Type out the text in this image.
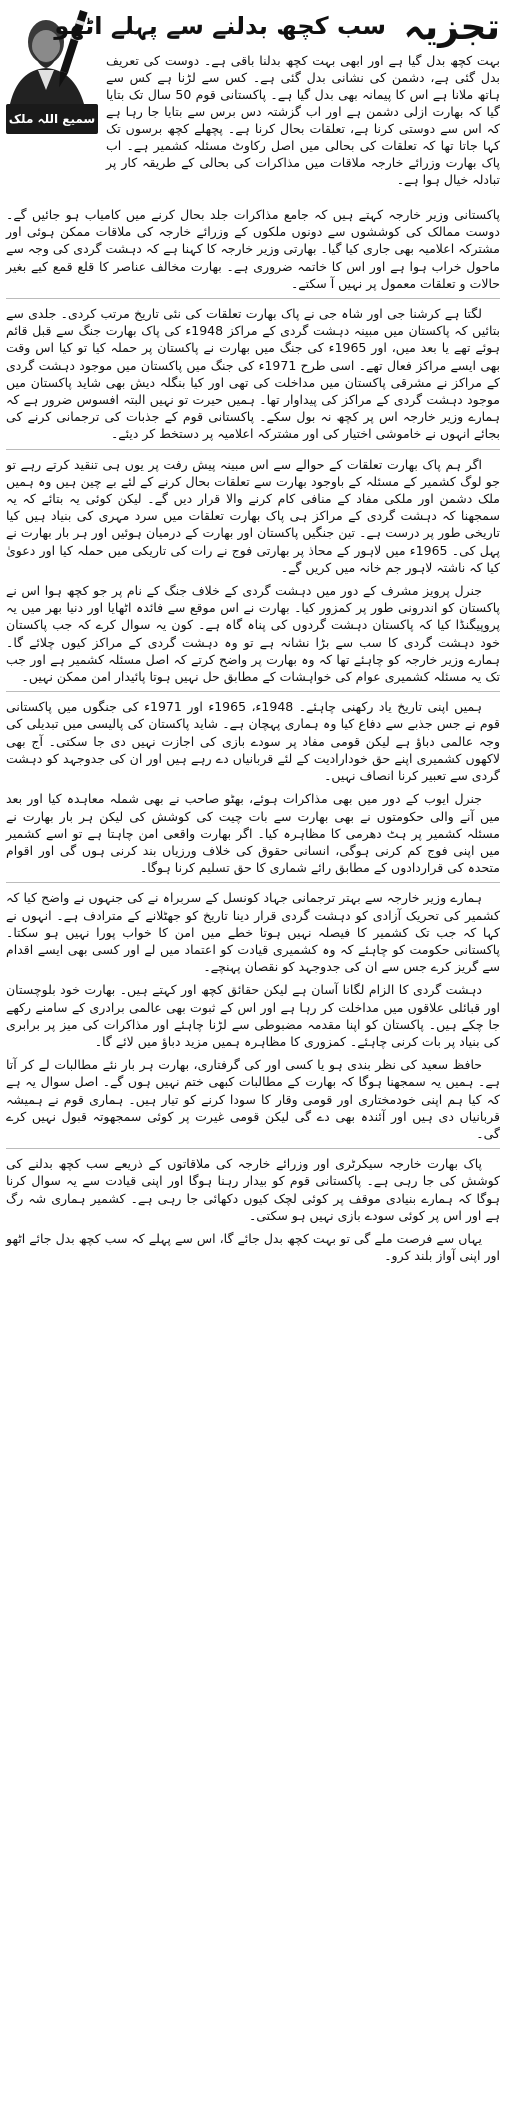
سمیع اللہ ملک
تجزیہ
سب کچھ بدلنے سے پہلے اٹھو
بہت کچھ بدل گیا ہے اور ابھی بہت کچھ بدلنا باقی ہے۔ دوست کی تعریف بدل گئی ہے، دشمن کی نشانی بدل گئی ہے۔ کس سے لڑنا ہے کس سے ہاتھ ملانا ہے اس کا پیمانہ بھی بدل گیا ہے۔ پاکستانی قوم 50 سال تک بتایا گیا کہ بھارت ازلی دشمن ہے اور اب گزشتہ دس برس سے بتایا جا رہا ہے کہ اس سے دوستی کرنا ہے، تعلقات بحال کرنا ہے۔ پچھلے کچھ برسوں تک کہا جاتا تھا کہ تعلقات کی بحالی میں اصل رکاوٹ مسئلہ کشمیر ہے۔ اب پاک بھارت وزرائے خارجہ ملاقات میں مذاکرات کی بحالی کے طریقہ کار پر تبادلہ خیال ہوا ہے۔

پاکستانی وزیر خارجہ کہتے ہیں کہ جامع مذاکرات جلد بحال کرنے میں کامیاب ہو جائیں گے۔ دوست ممالک کی کوششوں سے دونوں ملکوں کے وزرائے خارجہ کی ملاقات ممکن ہوئی اور مشترکہ اعلامیہ بھی جاری کیا گیا۔ بھارتی وزیر خارجہ کا کہنا ہے کہ دہشت گردی کی وجہ سے ماحول خراب ہوا ہے اور اس کا خاتمہ ضروری ہے۔ بھارت مخالف عناصر کا قلع قمع کیے بغیر حالات و تعلقات معمول پر نہیں آ سکتے۔

لگتا ہے کرشنا جی اور شاہ جی نے پاک بھارت تعلقات کی نئی تاریخ مرتب کردی۔ جلدی سے بتائیں کہ پاکستان میں مبینہ دہشت گردی کے مراکز 1948ء کی پاک بھارت جنگ سے قبل قائم ہوئے تھے یا بعد میں، اور 1965ء کی جنگ میں بھارت نے پاکستان پر حملہ کیا تو کیا اس وقت بھی ایسے مراکز فعال تھے۔ اسی طرح 1971ء کی جنگ میں پاکستان میں موجود دہشت گردی کے مراکز نے مشرقی پاکستان میں مداخلت کی تھی اور کیا بنگلہ دیش بھی شاید پاکستان میں موجود دہشت گردی کے مراکز کی پیداوار تھا۔ ہمیں حیرت تو نہیں البتہ افسوس ضرور ہے کہ ہمارے وزیر خارجہ اس پر کچھ نہ بول سکے۔ پاکستانی قوم کے جذبات کی ترجمانی کرنے کی بجائے انہوں نے خاموشی اختیار کی اور مشترکہ اعلامیہ پر دستخط کر دیئے۔

اگر ہم پاک بھارت تعلقات کے حوالے سے اس مبینہ پیش رفت پر یوں ہی تنقید کرتے رہے تو جو لوگ کشمیر کے مسئلہ کے باوجود بھارت سے تعلقات بحال کرنے کے لئے بے چین ہیں وہ ہمیں ملک دشمن اور ملکی مفاد کے منافی کام کرنے والا قرار دیں گے۔ لیکن کوئی یہ بتائے کہ یہ سمجھنا کہ دہشت گردی کے مراکز ہی پاک بھارت تعلقات میں سرد مہری کی بنیاد ہیں کیا تاریخی طور پر درست ہے۔ تین جنگیں پاکستان اور بھارت کے درمیان ہوئیں اور ہر بار بھارت نے پہل کی۔ 1965ء میں لاہور کے محاذ پر بھارتی فوج نے رات کی تاریکی میں حملہ کیا اور دعویٰ کیا کہ ناشتہ لاہور جم خانہ میں کریں گے۔

جنرل پرویز مشرف کے دور میں دہشت گردی کے خلاف جنگ کے نام پر جو کچھ ہوا اس نے پاکستان کو اندرونی طور پر کمزور کیا۔ بھارت نے اس موقع سے فائدہ اٹھایا اور دنیا بھر میں یہ پروپیگنڈا کیا کہ پاکستان دہشت گردوں کی پناہ گاہ ہے۔ کون یہ سوال کرے کہ جب پاکستان خود دہشت گردی کا سب سے بڑا نشانہ ہے تو وہ دہشت گردی کے مراکز کیوں چلائے گا۔ ہمارے وزیر خارجہ کو چاہئے تھا کہ وہ بھارت پر واضح کرتے کہ اصل مسئلہ کشمیر ہے اور جب تک یہ مسئلہ کشمیری عوام کی خواہشات کے مطابق حل نہیں ہوتا پائیدار امن ممکن نہیں۔

ہمیں اپنی تاریخ یاد رکھنی چاہئے۔ 1948ء، 1965ء اور 1971ء کی جنگوں میں پاکستانی قوم نے جس جذبے سے دفاع کیا وہ ہماری پہچان ہے۔ شاید پاکستان کی پالیسی میں تبدیلی کی وجہ عالمی دباؤ ہے لیکن قومی مفاد پر سودے بازی کی اجازت نہیں دی جا سکتی۔ آج بھی لاکھوں کشمیری اپنے حق خودارادیت کے لئے قربانیاں دے رہے ہیں اور ان کی جدوجہد کو دہشت گردی سے تعبیر کرنا انصاف نہیں۔

جنرل ایوب کے دور میں بھی مذاکرات ہوئے، بھٹو صاحب نے بھی شملہ معاہدہ کیا اور بعد میں آنے والی حکومتوں نے بھی بھارت سے بات چیت کی کوشش کی لیکن ہر بار بھارت نے مسئلہ کشمیر پر ہٹ دھرمی کا مظاہرہ کیا۔ اگر بھارت واقعی امن چاہتا ہے تو اسے کشمیر میں اپنی فوج کم کرنی ہوگی، انسانی حقوق کی خلاف ورزیاں بند کرنی ہوں گی اور اقوام متحدہ کی قراردادوں کے مطابق رائے شماری کا حق تسلیم کرنا ہوگا۔

ہمارے وزیر خارجہ سے بہتر ترجمانی جہاد کونسل کے سربراہ نے کی جنہوں نے واضح کیا کہ کشمیر کی تحریک آزادی کو دہشت گردی قرار دینا تاریخ کو جھٹلانے کے مترادف ہے۔ انہوں نے کہا کہ جب تک کشمیر کا فیصلہ نہیں ہوتا خطے میں امن کا خواب پورا نہیں ہو سکتا۔ پاکستانی حکومت کو چاہئے کہ وہ کشمیری قیادت کو اعتماد میں لے اور کسی بھی ایسے اقدام سے گریز کرے جس سے ان کی جدوجہد کو نقصان پہنچے۔

دہشت گردی کا الزام لگانا آسان ہے لیکن حقائق کچھ اور کہتے ہیں۔ بھارت خود بلوچستان اور قبائلی علاقوں میں مداخلت کر رہا ہے اور اس کے ثبوت بھی عالمی برادری کے سامنے رکھے جا چکے ہیں۔ پاکستان کو اپنا مقدمہ مضبوطی سے لڑنا چاہئے اور مذاکرات کی میز پر برابری کی بنیاد پر بات کرنی چاہئے۔ کمزوری کا مظاہرہ ہمیں مزید دباؤ میں لائے گا۔

حافظ سعید کی نظر بندی ہو یا کسی اور کی گرفتاری، بھارت ہر بار نئے مطالبات لے کر آتا ہے۔ ہمیں یہ سمجھنا ہوگا کہ بھارت کے مطالبات کبھی ختم نہیں ہوں گے۔ اصل سوال یہ ہے کہ کیا ہم اپنی خودمختاری اور قومی وقار کا سودا کرنے کو تیار ہیں۔ ہماری قوم نے ہمیشہ قربانیاں دی ہیں اور آئندہ بھی دے گی لیکن قومی غیرت پر کوئی سمجھوتہ قبول نہیں کرے گی۔

پاک بھارت خارجہ سیکرٹری اور وزرائے خارجہ کی ملاقاتوں کے ذریعے سب کچھ بدلنے کی کوشش کی جا رہی ہے۔ پاکستانی قوم کو بیدار رہنا ہوگا اور اپنی قیادت سے یہ سوال کرنا ہوگا کہ ہمارے بنیادی موقف پر کوئی لچک کیوں دکھائی جا رہی ہے۔ کشمیر ہماری شہ رگ ہے اور اس پر کوئی سودے بازی نہیں ہو سکتی۔

یہاں سے فرصت ملے گی تو بہت کچھ بدل جائے گا، اس سے پہلے کہ سب کچھ بدل جائے اٹھو اور اپنی آواز بلند کرو۔
